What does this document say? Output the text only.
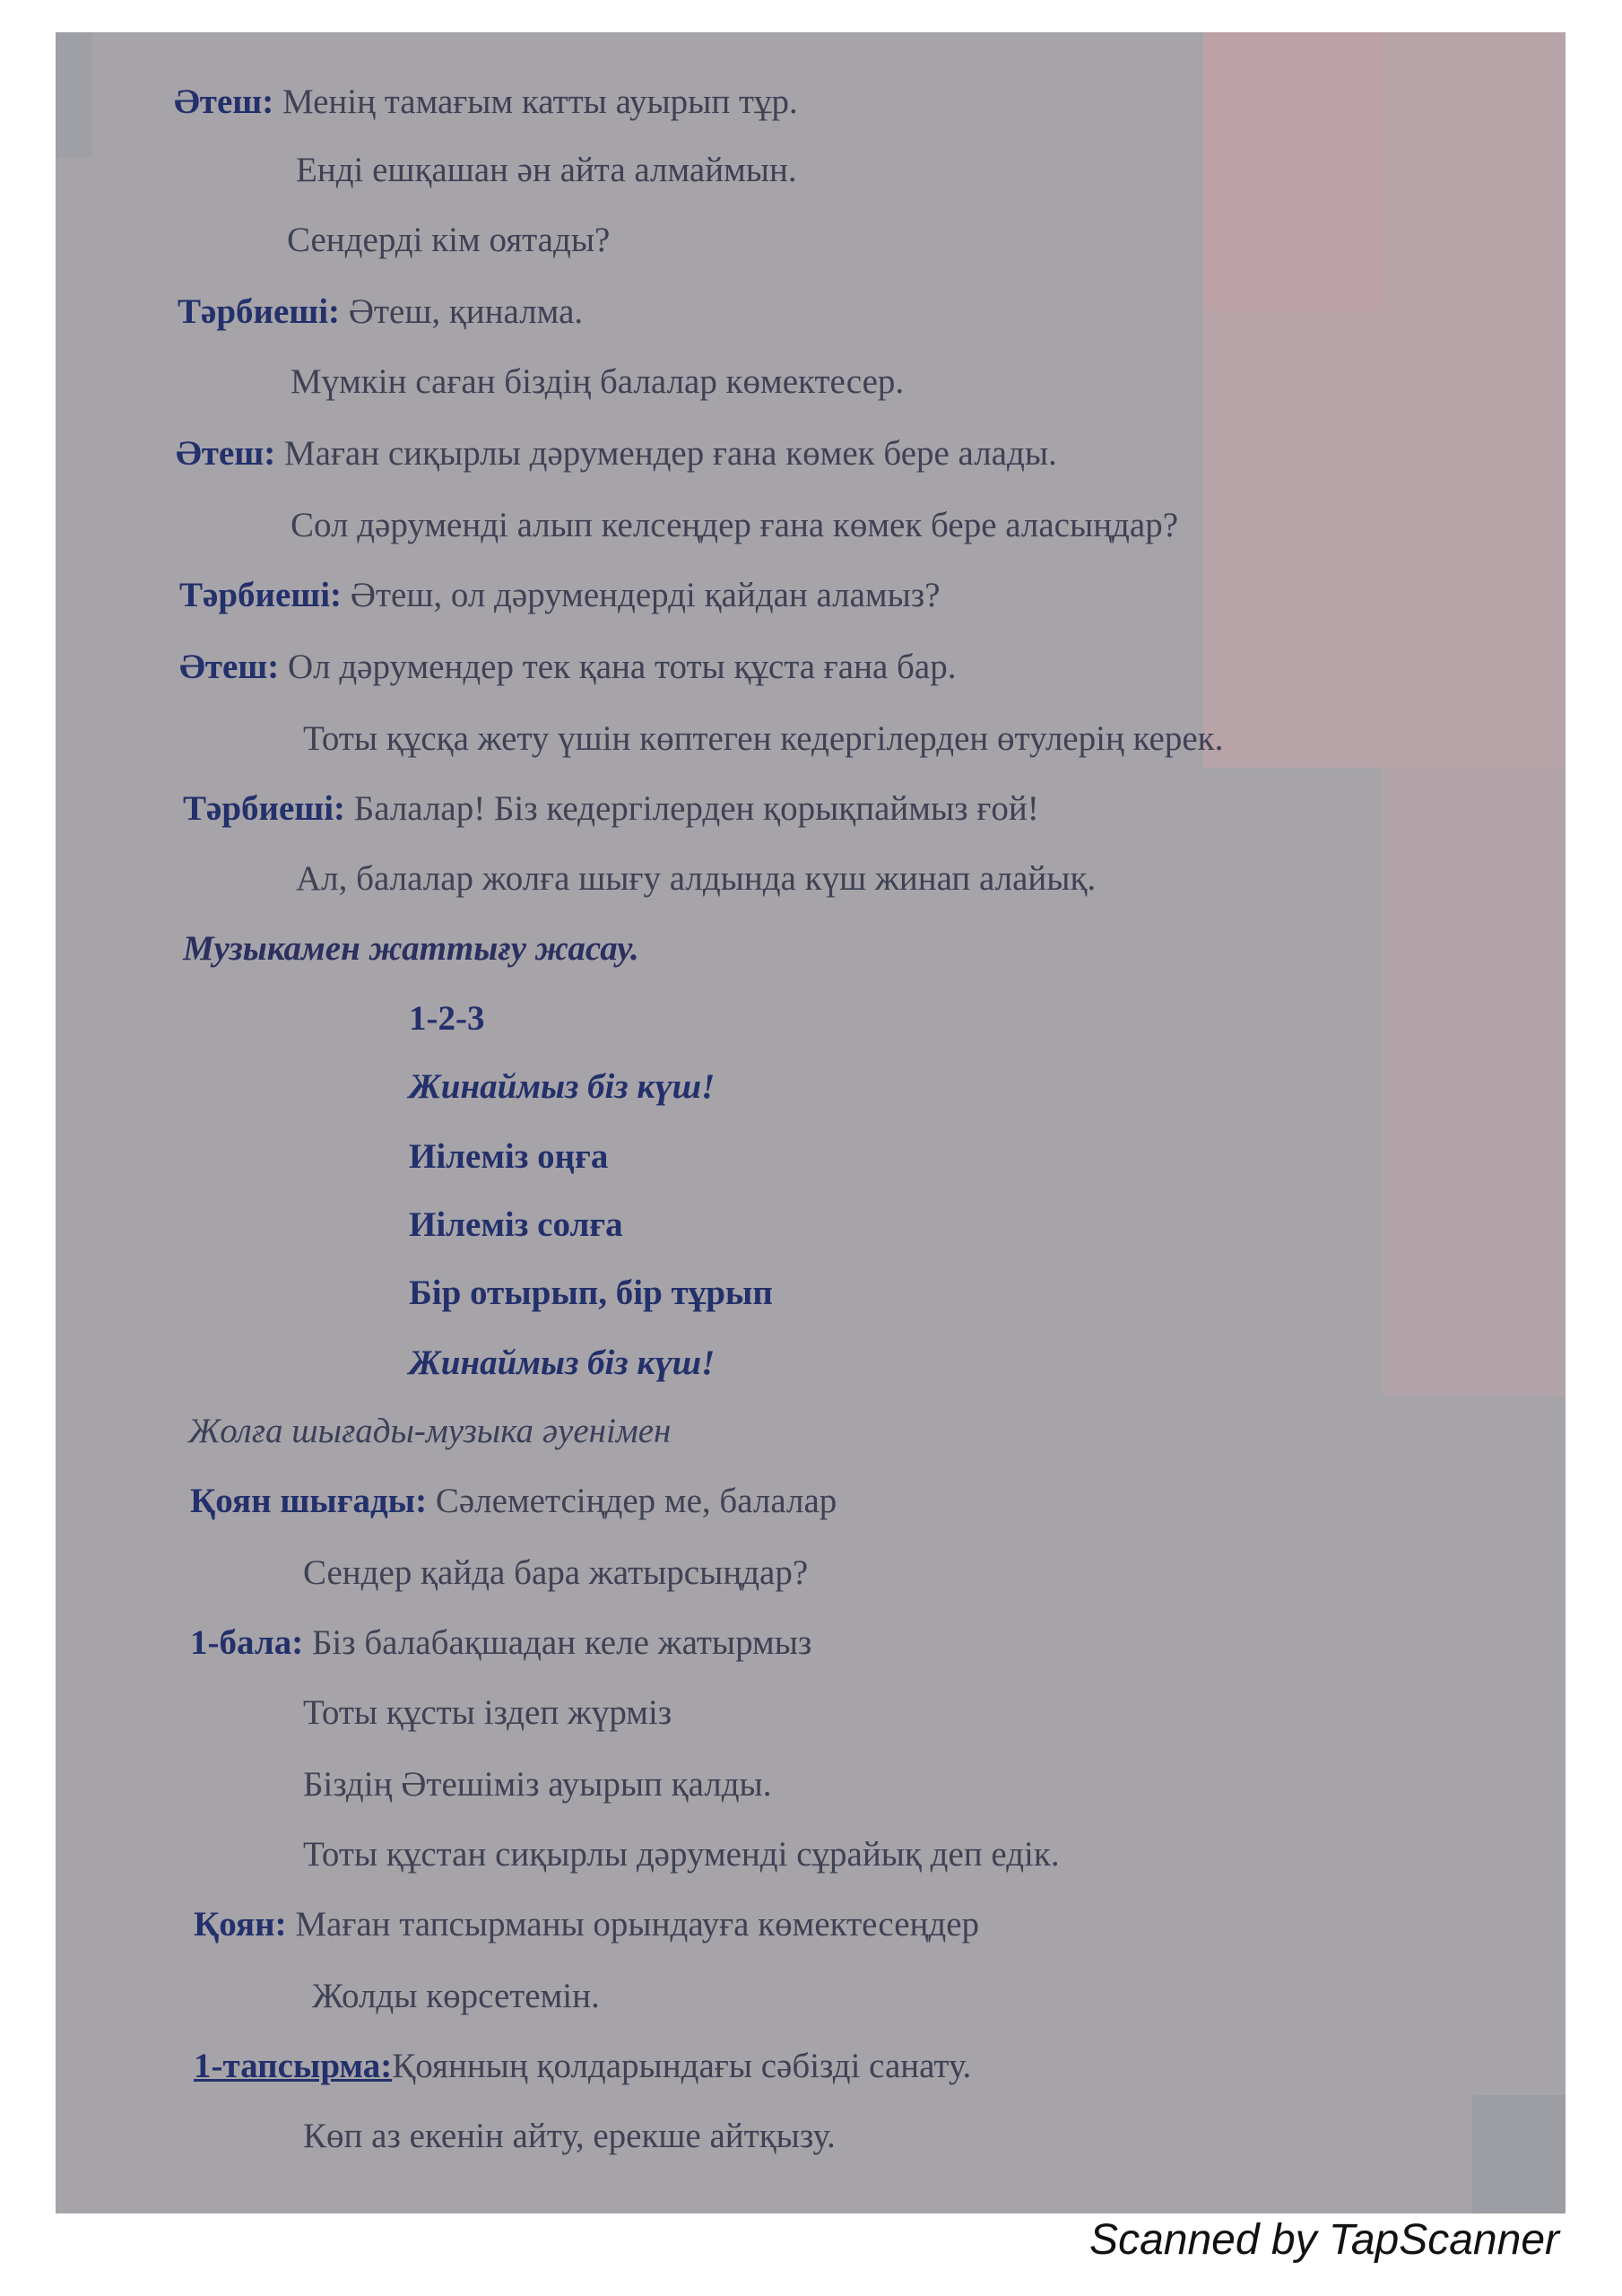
Әтеш: Менің тамағым катты ауырып тұр.
Енді ешқашан ән айта алмаймын.
Сендерді кім оятады?
Тәрбиеші: Әтеш, қиналма.
Мүмкін саған біздің балалар көмектесер.
Әтеш: Маған сиқырлы дәрумендер ғана көмек бере алады.
Сол дәруменді алып келсеңдер ғана көмек бере аласыңдар?
Тәрбиеші: Әтеш, ол дәрумендерді қайдан аламыз?
Әтеш: Ол дәрумендер тек қана тоты құста ғана бар.
Тоты құсқа жету үшін көптеген кедергілерден өтулерің керек.
Тәрбиеші: Балалар! Біз кедергілерден қорықпаймыз ғой!
Ал, балалар жолға шығу алдында күш жинап алайық.
Музыкамен жаттығу жасау.
1-2-3
Жинаймыз біз күш!
Иілеміз оңға
Иілеміз солға
Бір отырып, бір тұрып
Жинаймыз біз күш!
Жолға шығады-музыка әуенімен
Қоян шығады: Сәлеметсіңдер ме, балалар
Сендер қайда бара жатырсыңдар?
1-бала: Біз балабақшадан келе жатырмыз
Тоты құсты іздеп жүрміз
Біздің Әтешіміз ауырып қалды.
Тоты құстан сиқырлы дәруменді сұрайық деп едік.
Қоян: Маған тапсырманы орындауға көмектесеңдер
Жолды көрсетемін.
1-тапсырма:Қоянның қолдарындағы сәбізді санату.
Көп аз екенін айту, ерекше айтқызу.
Scanned by TapScanner
